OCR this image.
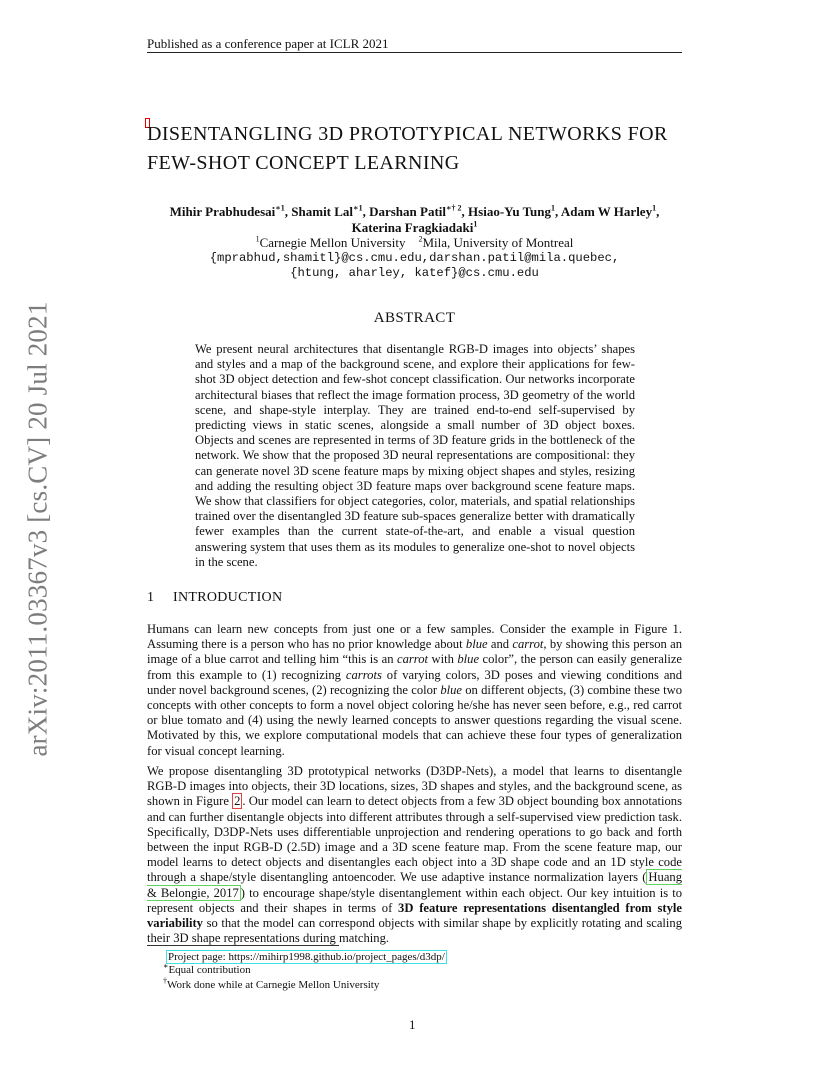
Published as a conference paper at ICLR 2021
arXiv:2011.03367v3 [cs.CV] 20 Jul 2021
DISENTANGLING 3D PROTOTYPICAL NETWORKS FOR
FEW-SHOT CONCEPT LEARNING
Mihir Prabhudesai$^{∗1}$, Shamit Lal$^{∗1}$, Darshan Patil$^{∗\dagger 2}$, Hsiao-Yu Tung$^1$, Adam W Harley$^1$,
Katerina Fragkiadaki$^1$
$^1$Carnegie Mellon University $^2$Mila, University of Montreal
{mprabhud,shamitl}@cs.cmu.edu,darshan.patil@mila.quebec,
{htung, aharley, katef}@cs.cmu.edu
ABSTRACT
We present neural architectures that disentangle RGB-D images into objects’ shapes and styles and a map of the background scene, and explore their applications for few-shot 3D object detection and few-shot concept classification. Our networks incorporate architectural biases that reflect the image formation process, 3D geometry of the world scene, and shape-style interplay. They are trained end-to-end self-supervised by predicting views in static scenes, alongside a small number of 3D object boxes. Objects and scenes are represented in terms of 3D feature grids in the bottleneck of the network. We show that the proposed 3D neural representations are compositional: they can generate novel 3D scene feature maps by mixing object shapes and styles, resizing and adding the resulting object 3D feature maps over background scene feature maps. We show that classifiers for object categories, color, materials, and spatial relationships trained over the disentangled 3D feature sub-spaces generalize better with dramatically fewer examples than the current state-of-the-art, and enable a visual question answering system that uses them as its modules to generalize one-shot to novel objects in the scene.
1 INTRODUCTION
Humans can learn new concepts from just one or a few samples. Consider the example in Figure 1. Assuming there is a person who has no prior knowledge about blue and carrot, by showing this person an image of a blue carrot and telling him “this is an carrot with blue color”, the person can easily generalize from this example to (1) recognizing carrots of varying colors, 3D poses and viewing conditions and under novel background scenes, (2) recognizing the color blue on different objects, (3) combine these two concepts with other concepts to form a novel object coloring he/she has never seen before, e.g., red carrot or blue tomato and (4) using the newly learned concepts to answer questions regarding the visual scene. Motivated by this, we explore computational models that can achieve these four types of generalization for visual concept learning.
We propose disentangling 3D prototypical networks (D3DP-Nets), a model that learns to disentangle RGB-D images into objects, their 3D locations, sizes, 3D shapes and styles, and the background scene, as shown in Figure 2 . Our model can learn to detect objects from a few 3D object bounding box annotations and can further disentangle objects into different attributes through a self-supervised view prediction task. Specifically, D3DP-Nets uses differentiable unprojection and rendering operations to go back and forth between the input RGB-D (2.5D) image and a 3D scene feature map. From the scene feature map, our model learns to detect objects and disentangles each object into a 3D shape code and an 1D style code through a shape/style disentangling antoencoder. We use adaptive instance normalization layers ( Huang & Belongie, 2017 ) to encourage shape/style disentanglement within each object. Our key intuition is to represent objects and their shapes in terms of 3D feature representations disentangled from style variability so that the model can correspond objects with similar shape by explicitly rotating and scaling their 3D shape representations during matching.
Project page: https://mihirp1998.github.io/project_pages/d3dp/
∗Equal contribution
†Work done while at Carnegie Mellon University
1
